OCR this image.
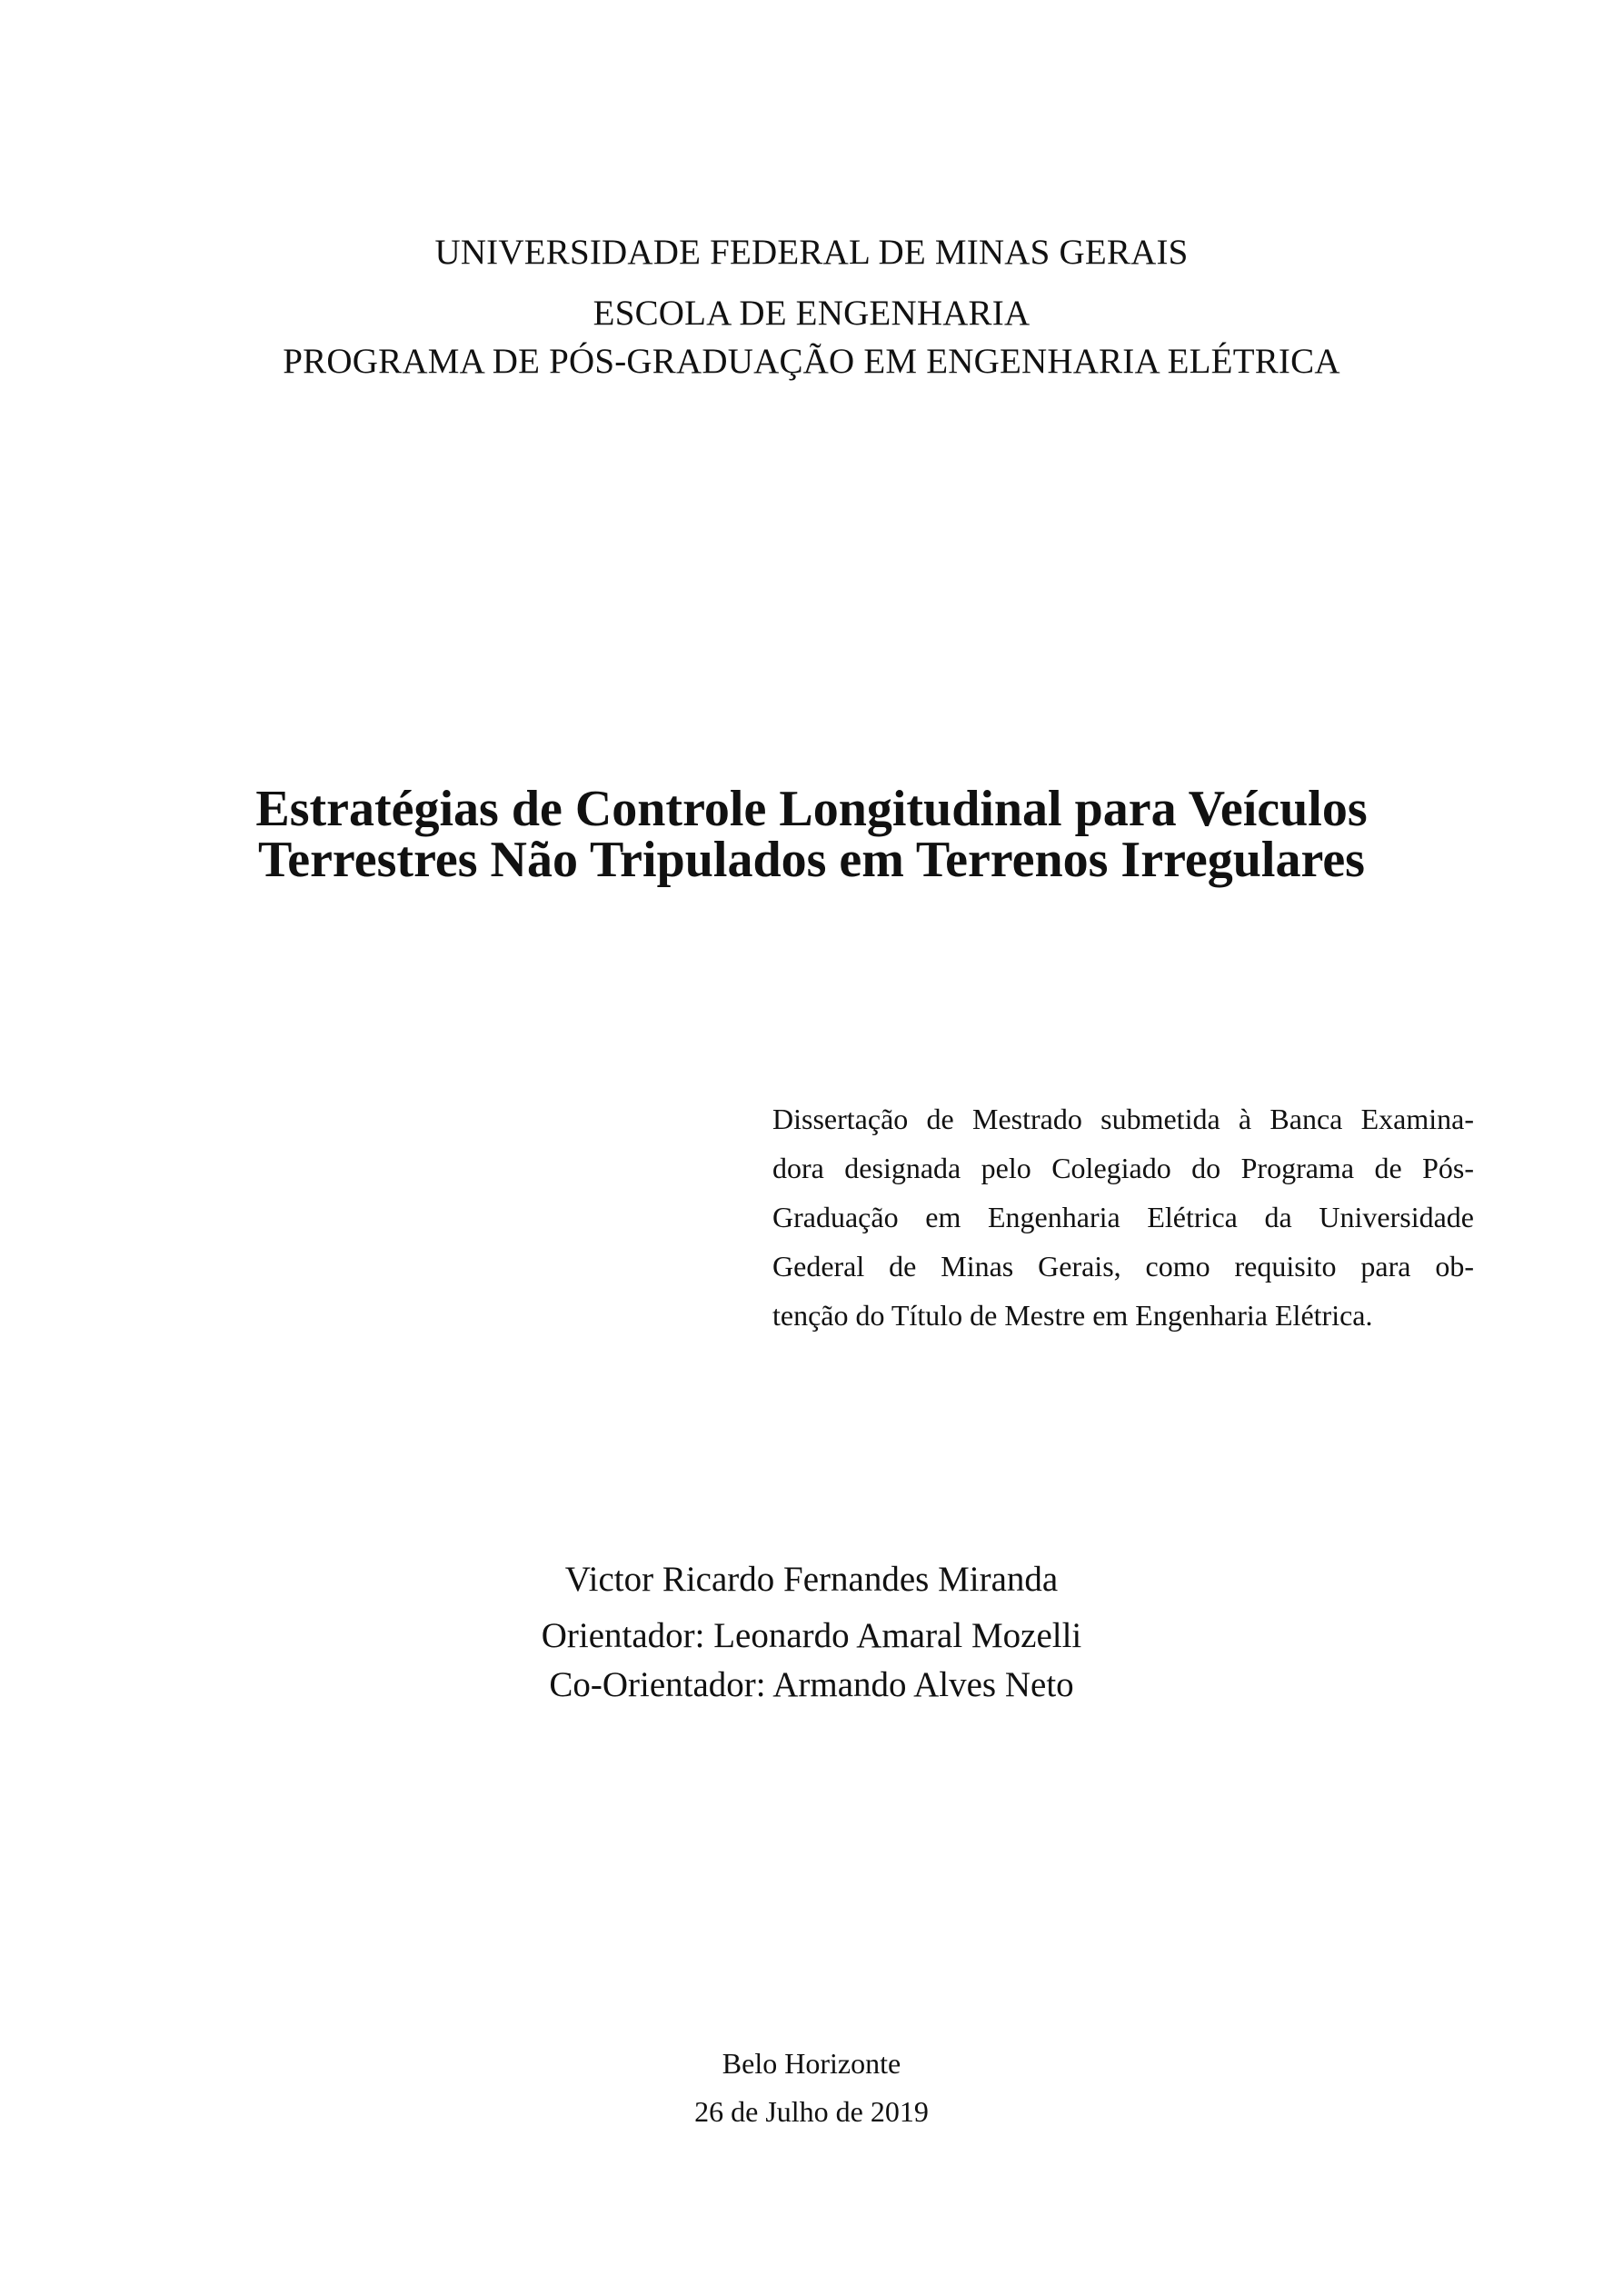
UNIVERSIDADE FEDERAL DE MINAS GERAIS
ESCOLA DE ENGENHARIA
PROGRAMA DE PÓS-GRADUAÇÃO EM ENGENHARIA ELÉTRICA
Estratégias de Controle Longitudinal para Veículos
Terrestres Não Tripulados em Terrenos Irregulares
Dissertação de Mestrado submetida à Banca Examina-
dora designada pelo Colegiado do Programa de Pós-
Graduação em Engenharia Elétrica da Universidade
Gederal de Minas Gerais, como requisito para ob-
tenção do Título de Mestre em Engenharia Elétrica.
Victor Ricardo Fernandes Miranda
Orientador: Leonardo Amaral Mozelli
Co-Orientador: Armando Alves Neto
Belo Horizonte
26 de Julho de 2019
